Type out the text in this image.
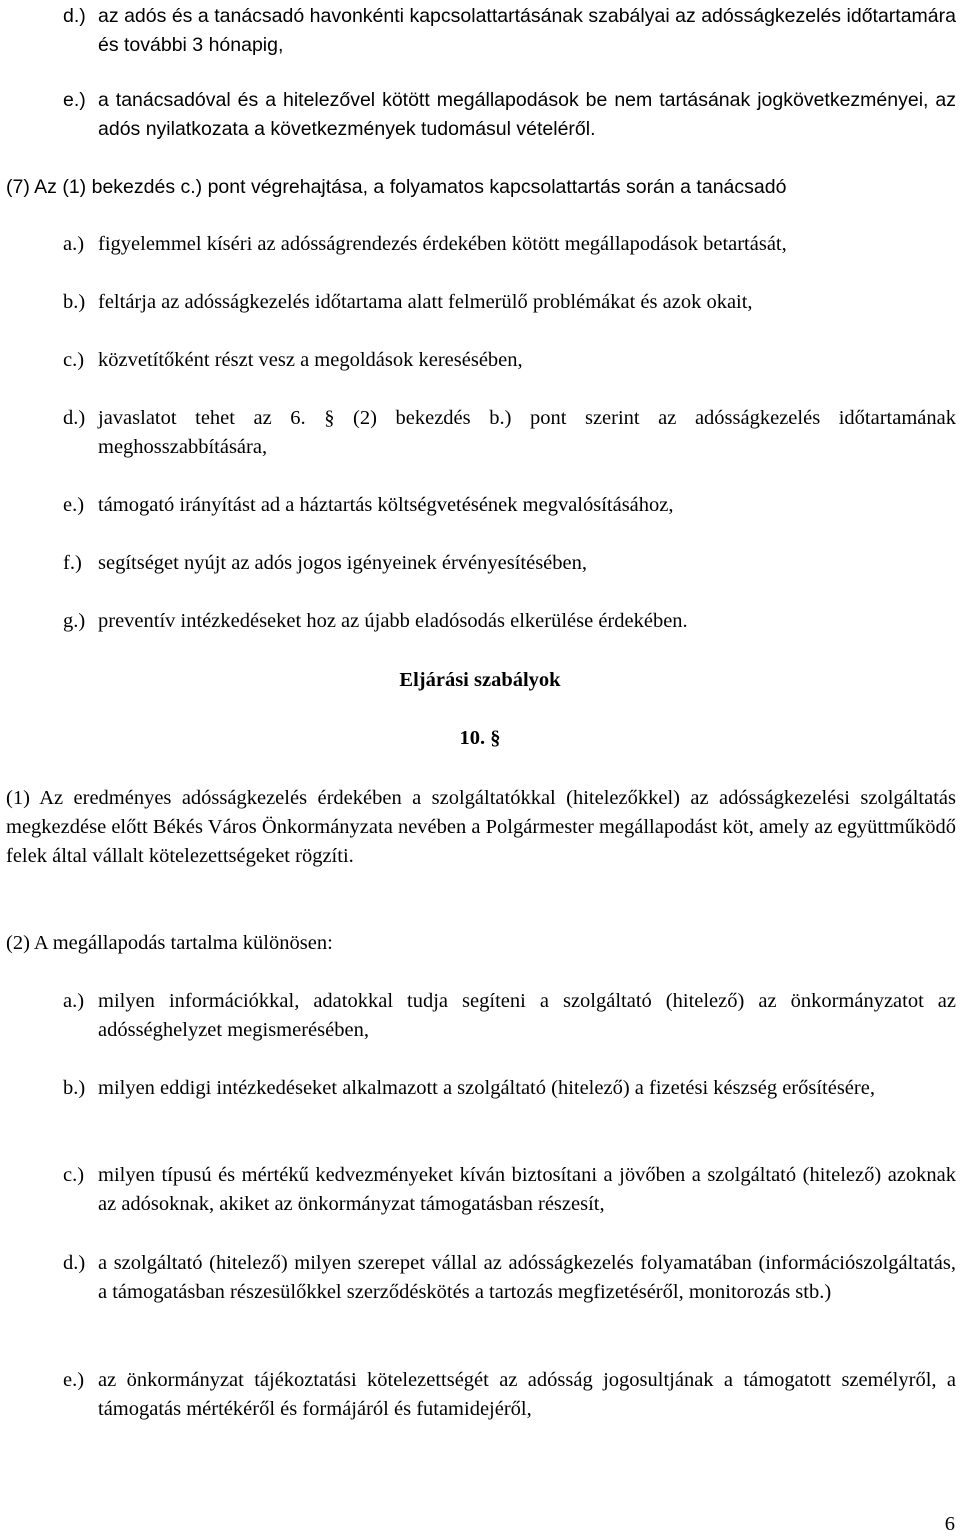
d.) az adós és a tanácsadó havonkénti kapcsolattartásának szabályai az adósságkezelés időtartamára és további 3 hónapig,
e.) a tanácsadóval és a hitelezővel kötött megállapodások be nem tartásának jogkövetkezményei, az adós nyilatkozata a következmények tudomásul vételéről.
(7) Az (1) bekezdés c.) pont végrehajtása, a folyamatos kapcsolattartás során a tanácsadó
a.) figyelemmel kíséri az adósságrendezés érdekében kötött megállapodások betartását,
b.) feltárja az adósságkezelés időtartama alatt felmerülő problémákat és azok okait,
c.) közvetítőként részt vesz a megoldások keresésében,
d.) javaslatot tehet az 6. § (2) bekezdés b.) pont szerint az adósságkezelés időtartamának meghosszabbítására,
e.) támogató irányítást ad a háztartás költségvetésének megvalósításához,
f.) segítséget nyújt az adós jogos igényeinek érvényesítésében,
g.) preventív intézkedéseket hoz az újabb eladósodás elkerülése érdekében.
Eljárási szabályok
10. §
(1) Az eredményes adósságkezelés érdekében a szolgáltatókkal (hitelezőkkel) az adósságkezelési szolgáltatás megkezdése előtt Békés Város Önkormányzata nevében a Polgármester megállapodást köt, amely az együttműködő felek által vállalt kötelezettségeket rögzíti.
(2) A megállapodás tartalma különösen:
a.) milyen információkkal, adatokkal tudja segíteni a szolgáltató (hitelező) az önkormányzatot az adósséghelyzet megismerésében,
b.) milyen eddigi intézkedéseket alkalmazott a szolgáltató (hitelező) a fizetési készség erősítésére,
c.) milyen típusú és mértékű kedvezményeket kíván biztosítani a jövőben a szolgáltató (hitelező) azoknak az adósoknak, akiket az önkormányzat támogatásban részesít,
d.) a szolgáltató (hitelező) milyen szerepet vállal az adósságkezelés folyamatában (információszolgáltatás, a támogatásban részesülőkkel szerződéskötés a tartozás megfizetéséről, monitorozás stb.)
e.) az önkormányzat tájékoztatási kötelezettségét az adósság jogosultjának a támogatott személyről, a támogatás mértékéről és formájáról és futamidejéről,
6
